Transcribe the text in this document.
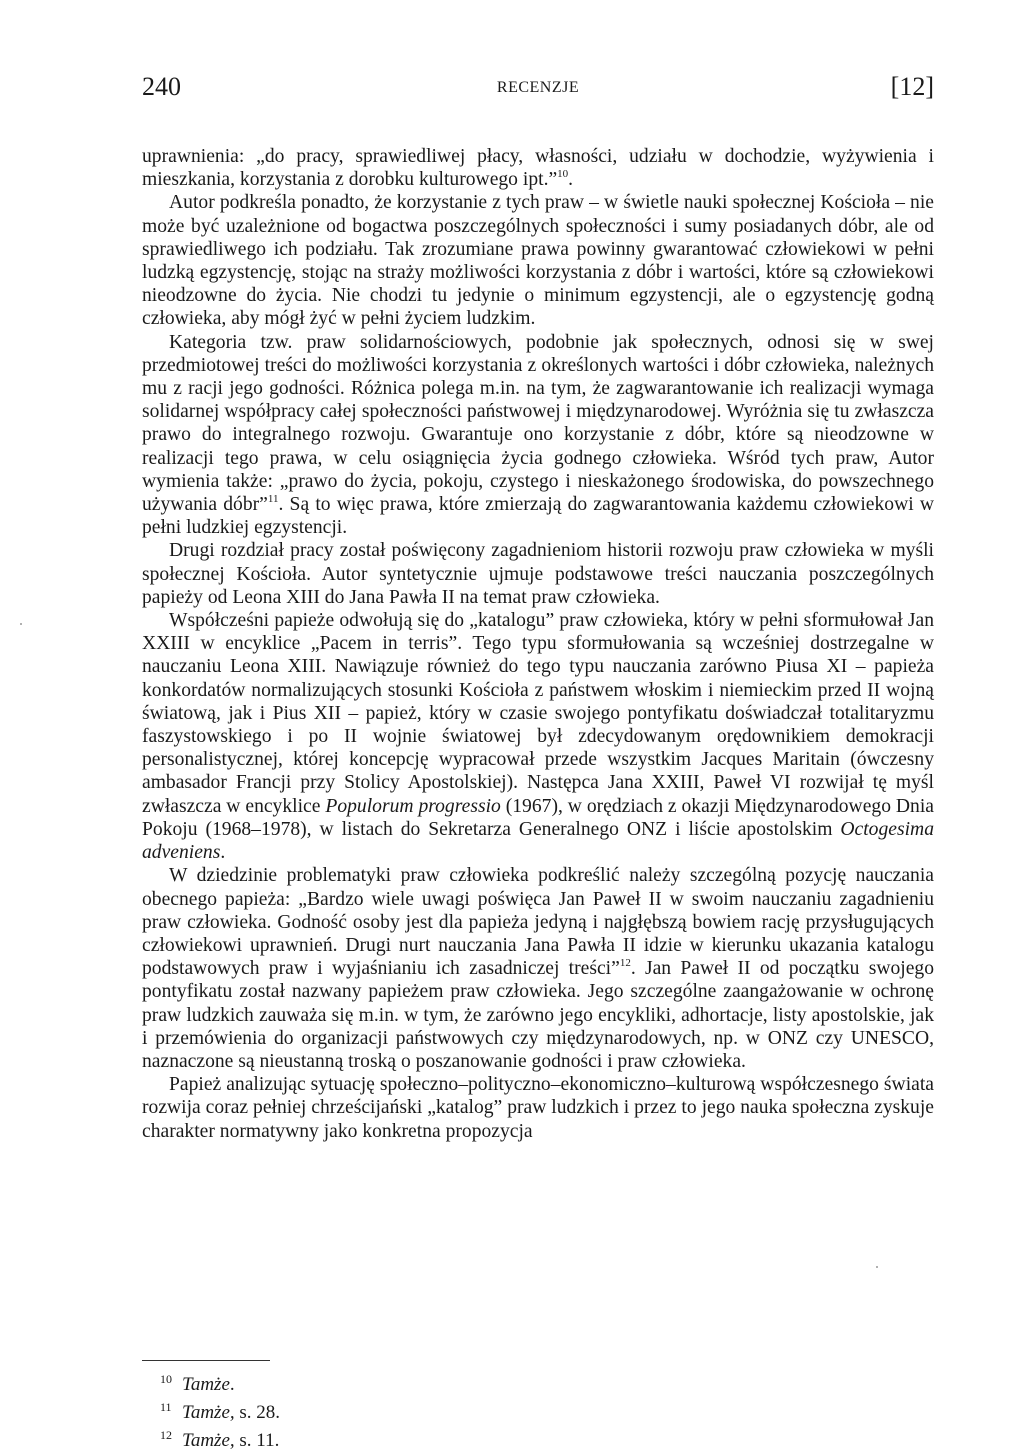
240	RECENZJE	[12]

uprawnienia: „do pracy, sprawiedliwej płacy, własności, udziału w dochodzie, wyżywienia i mieszkania, korzystania z dorobku kulturowego ipt.”$^{10}$.

Autor podkreśla ponadto, że korzystanie z tych praw – w świetle nauki społecznej Kościoła – nie może być uzależnione od bogactwa poszczególnych społeczności i sumy posiadanych dóbr, ale od sprawiedliwego ich podziału. Tak zrozumiane prawa powinny gwarantować człowiekowi w pełni ludzką egzystencję, stojąc na straży możliwości korzystania z dóbr i wartości, które są człowiekowi nieodzowne do życia. Nie chodzi tu jedynie o minimum egzystencji, ale o egzystencję godną człowieka, aby mógł żyć w pełni życiem ludzkim.

Kategoria tzw. praw solidarnościowych, podobnie jak społecznych, odnosi się w swej przedmiotowej treści do możliwości korzystania z określonych wartości i dóbr człowieka, należnych mu z racji jego godności. Różnica polega m.in. na tym, że zagwarantowanie ich realizacji wymaga solidarnej współpracy całej społeczności państwowej i międzynarodowej. Wyróżnia się tu zwłaszcza prawo do integralnego rozwoju. Gwarantuje ono korzystanie z dóbr, które są nieodzowne w realizacji tego prawa, w celu osiągnięcia życia godnego człowieka. Wśród tych praw, Autor wymienia także: „prawo do życia, pokoju, czystego i nieskażonego środowiska, do powszechnego używania dóbr”$^{11}$. Są to więc prawa, które zmierzają do zagwarantowania każdemu człowiekowi w pełni ludzkiej egzystencji.

Drugi rozdział pracy został poświęcony zagadnieniom historii rozwoju praw człowieka w myśli społecznej Kościoła. Autor syntetycznie ujmuje podstawowe treści nauczania poszczególnych papieży od Leona XIII do Jana Pawła II na temat praw człowieka.

Współcześni papieże odwołują się do „katalogu” praw człowieka, który w pełni sformułował Jan XXIII w encyklice „Pacem in terris”. Tego typu sformułowania są wcześniej dostrzegalne w nauczaniu Leona XIII. Nawiązuje również do tego typu nauczania zarówno Piusa XI – papieża konkordatów normalizujących stosunki Kościoła z państwem włoskim i niemieckim przed II wojną światową, jak i Pius XII – papież, który w czasie swojego pontyfikatu doświadczał totalitaryzmu faszystowskiego i po II wojnie światowej był zdecydowanym orędownikiem demokracji personalistycznej, której koncepcję wypracował przede wszystkim Jacques Maritain (ówczesny ambasador Francji przy Stolicy Apostolskiej). Następca Jana XXIII, Paweł VI rozwijał tę myśl zwłaszcza w encyklice Populorum progressio (1967), w orędziach z okazji Międzynarodowego Dnia Pokoju (1968–1978), w listach do Sekretarza Generalnego ONZ i liście apostolskim Octogesima adveniens.

W dziedzinie problematyki praw człowieka podkreślić należy szczególną pozycję nauczania obecnego papieża: „Bardzo wiele uwagi poświęca Jan Paweł II w swoim nauczaniu zagadnieniu praw człowieka. Godność osoby jest dla papieża jedyną i najgłębszą bowiem rację przysługujących człowiekowi uprawnień. Drugi nurt nauczania Jana Pawła II idzie w kierunku ukazania katalogu podstawowych praw i wyjaśnianiu ich zasadniczej treści”$^{12}$. Jan Paweł II od początku swojego pontyfikatu został nazwany papieżem praw człowieka. Jego szczególne zaangażowanie w ochronę praw ludzkich zauważa się m.in. w tym, że zarówno jego encykliki, adhortacje, listy apostolskie, jak i przemówienia do organizacji państwowych czy międzynarodowych, np. w ONZ czy UNESCO, naznaczone są nieustanną troską o poszanowanie godności i praw człowieka.

Papież analizując sytuację społeczno–polityczno–ekonomiczno–kulturową współczesnego świata rozwija coraz pełniej chrześcijański „katalog” praw ludzkich i przez to jego nauka społeczna zyskuje charakter normatywny jako konkretna propozycja

10 Tamże.
11 Tamże, s. 28.
12 Tamże, s. 11.
